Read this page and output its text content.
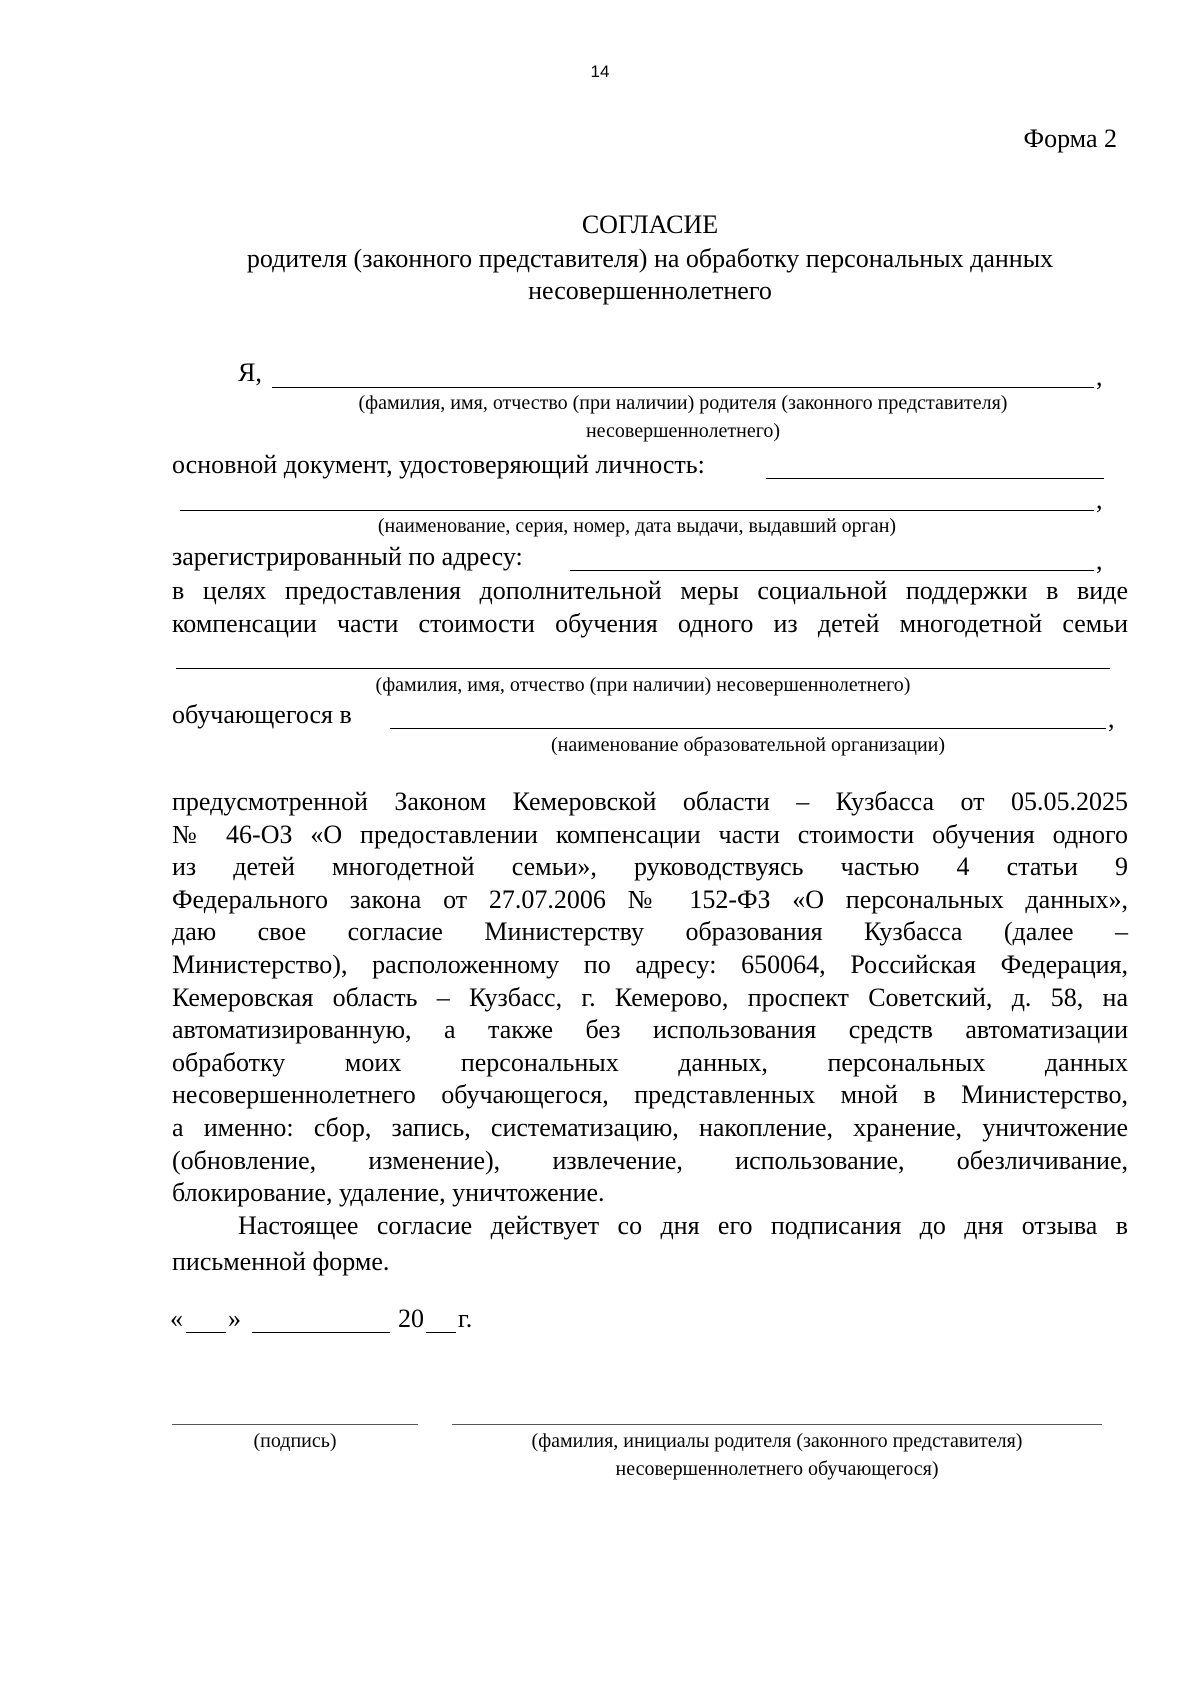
14
Форма 2
СОГЛАСИЕ
родителя (законного представителя) на обработку персональных данных
несовершеннолетнего
Я,	,
(фамилия, имя, отчество (при наличии) родителя (законного представителя)
несовершеннолетнего)
основной документ, удостоверяющий личность:
,
(наименование, серия, номер, дата выдачи, выдавший орган)
зарегистрированный по адресу:	,
в целях предоставления дополнительной меры социальной поддержки в виде
компенсации части стоимости обучения одного из детей многодетной семьи
(фамилия, имя, отчество (при наличии) несовершеннолетнего)
обучающегося в	,
(наименование образовательной организации)
предусмотренной Законом Кемеровской области – Кузбасса от 05.05.2025
№ 46-ОЗ «О предоставлении компенсации части стоимости обучения одного
из детей многодетной семьи», руководствуясь частью 4 статьи 9
Федерального закона от 27.07.2006 № 152-ФЗ «О персональных данных»,
даю свое согласие Министерству образования Кузбасса (далее –
Министерство), расположенному по адресу: 650064, Российская Федерация,
Кемеровская область – Кузбасс, г. Кемерово, проспект Советский, д. 58, на
автоматизированную, а также без использования средств автоматизации
обработку моих персональных данных, персональных данных
несовершеннолетнего обучающегося, представленных мной в Министерство,
а именно: сбор, запись, систематизацию, накопление, хранение, уничтожение
(обновление, изменение), извлечение, использование, обезличивание,
блокирование, удаление, уничтожение.
Настоящее согласие действует со дня его подписания до дня отзыва в
письменной форме.
« »	20 г.
(подпись)	(фамилия, инициалы родителя (законного представителя)
несовершеннолетнего обучающегося)
